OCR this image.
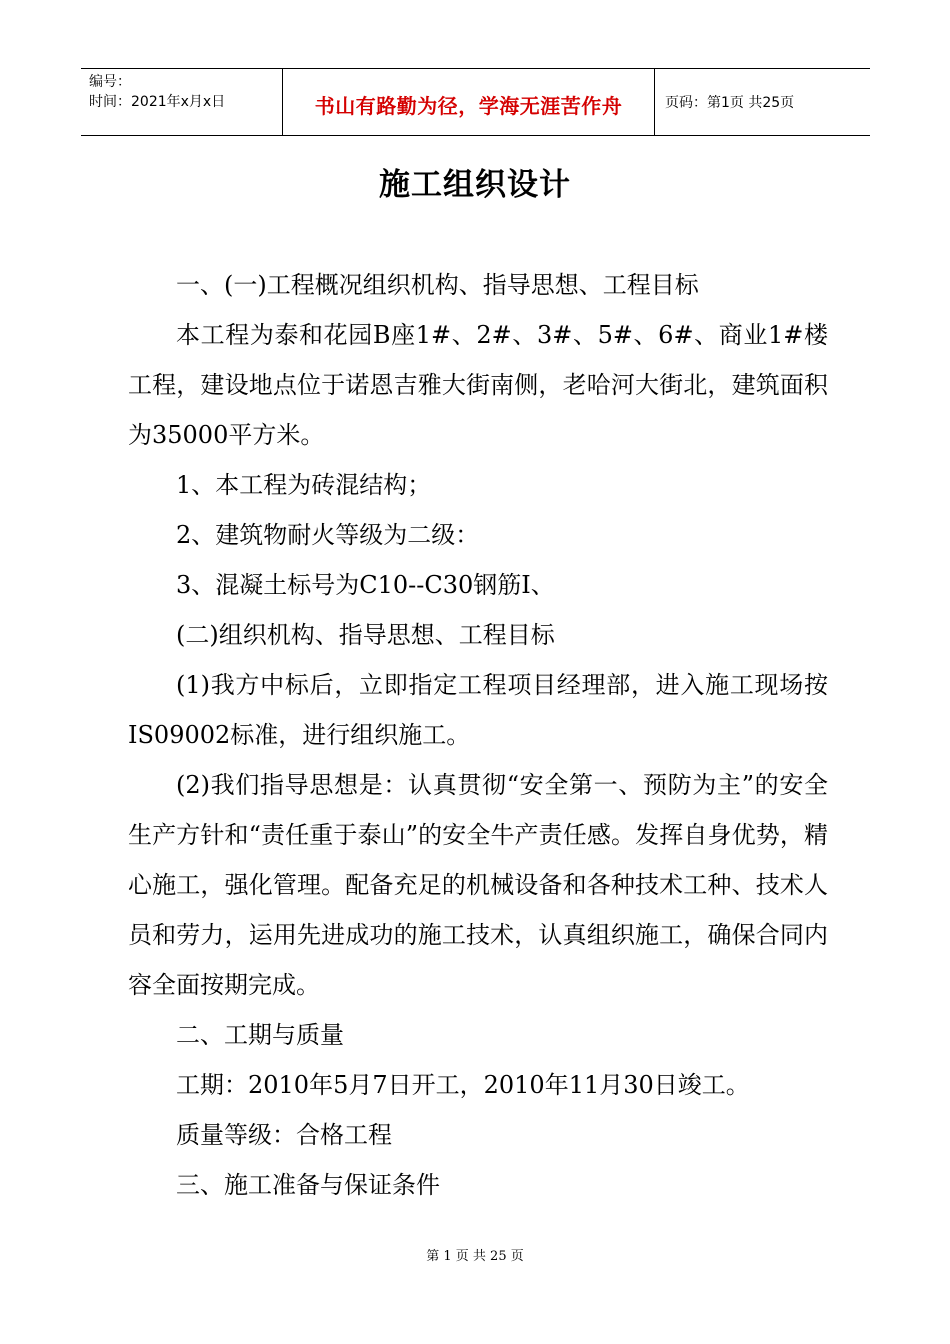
编号：
时间：2021年x月x日	书山有路勤为径，学海无涯苦作舟	页码：第1页 共25页
施工组织设计

一、(一)工程概况组织机构、指导思想、工程目标

本工程为泰和花园B座1#、2#、3#、5#、6#、商业1#楼工程，建设地点位于诺恩吉雅大街南侧，老哈河大街北，建筑面积为35000平方米。

1、本工程为砖混结构；

2、建筑物耐火等级为二级：

3、混凝土标号为C10--C30钢筋I、

(二)组织机构、指导思想、工程目标

(1)我方中标后，立即指定工程项目经理部，进入施工现场按IS09002标准，进行组织施工。

(2)我们指导思想是：认真贯彻“安全第一、预防为主”的安全生产方针和“责任重于泰山”的安全牛产责任感。发挥自身优势，精心施工，强化管理。配备充足的机械设备和各种技术工种、技术人员和劳力，运用先进成功的施工技术，认真组织施工，确保合同内容全面按期完成。

二、工期与质量

工期：2010年5月7日开工，2010年11月30日竣工。

质量等级：合格工程

三、施工准备与保证条件

第 1 页 共 25 页
